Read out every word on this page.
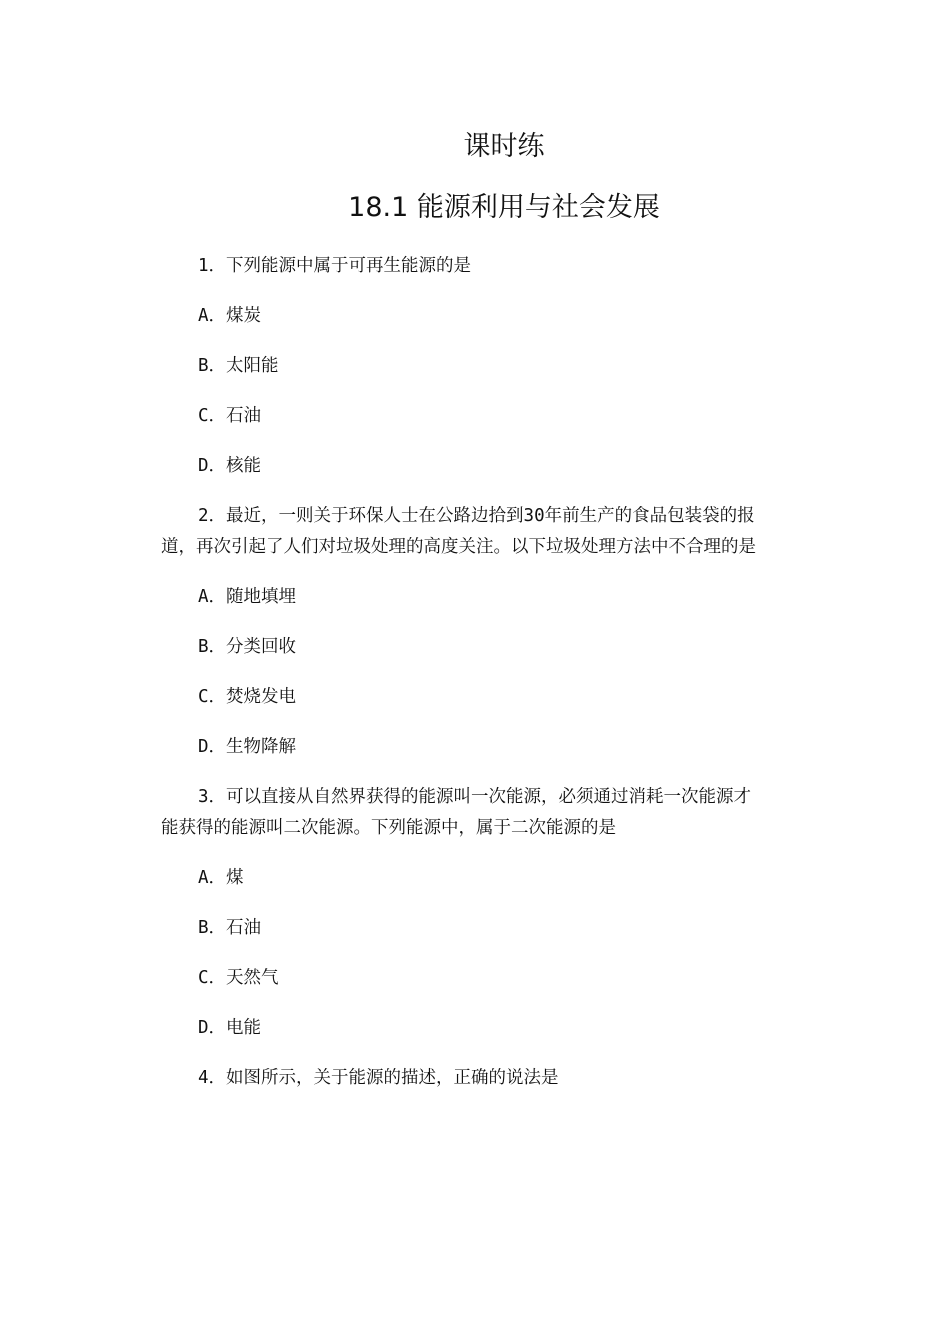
课时练
18.1 能源利用与社会发展
1．下列能源中属于可再生能源的是
A．煤炭
B．太阳能
C．石油
D．核能
2．最近，一则关于环保人士在公路边拾到30年前生产的食品包装袋的报
道，再次引起了人们对垃圾处理的高度关注。以下垃圾处理方法中不合理的是
A．随地填埋
B．分类回收
C．焚烧发电
D．生物降解
3．可以直接从自然界获得的能源叫一次能源，必须通过消耗一次能源才
能获得的能源叫二次能源。下列能源中，属于二次能源的是
A．煤
B．石油
C．天然气
D．电能
4．如图所示，关于能源的描述，正确的说法是
